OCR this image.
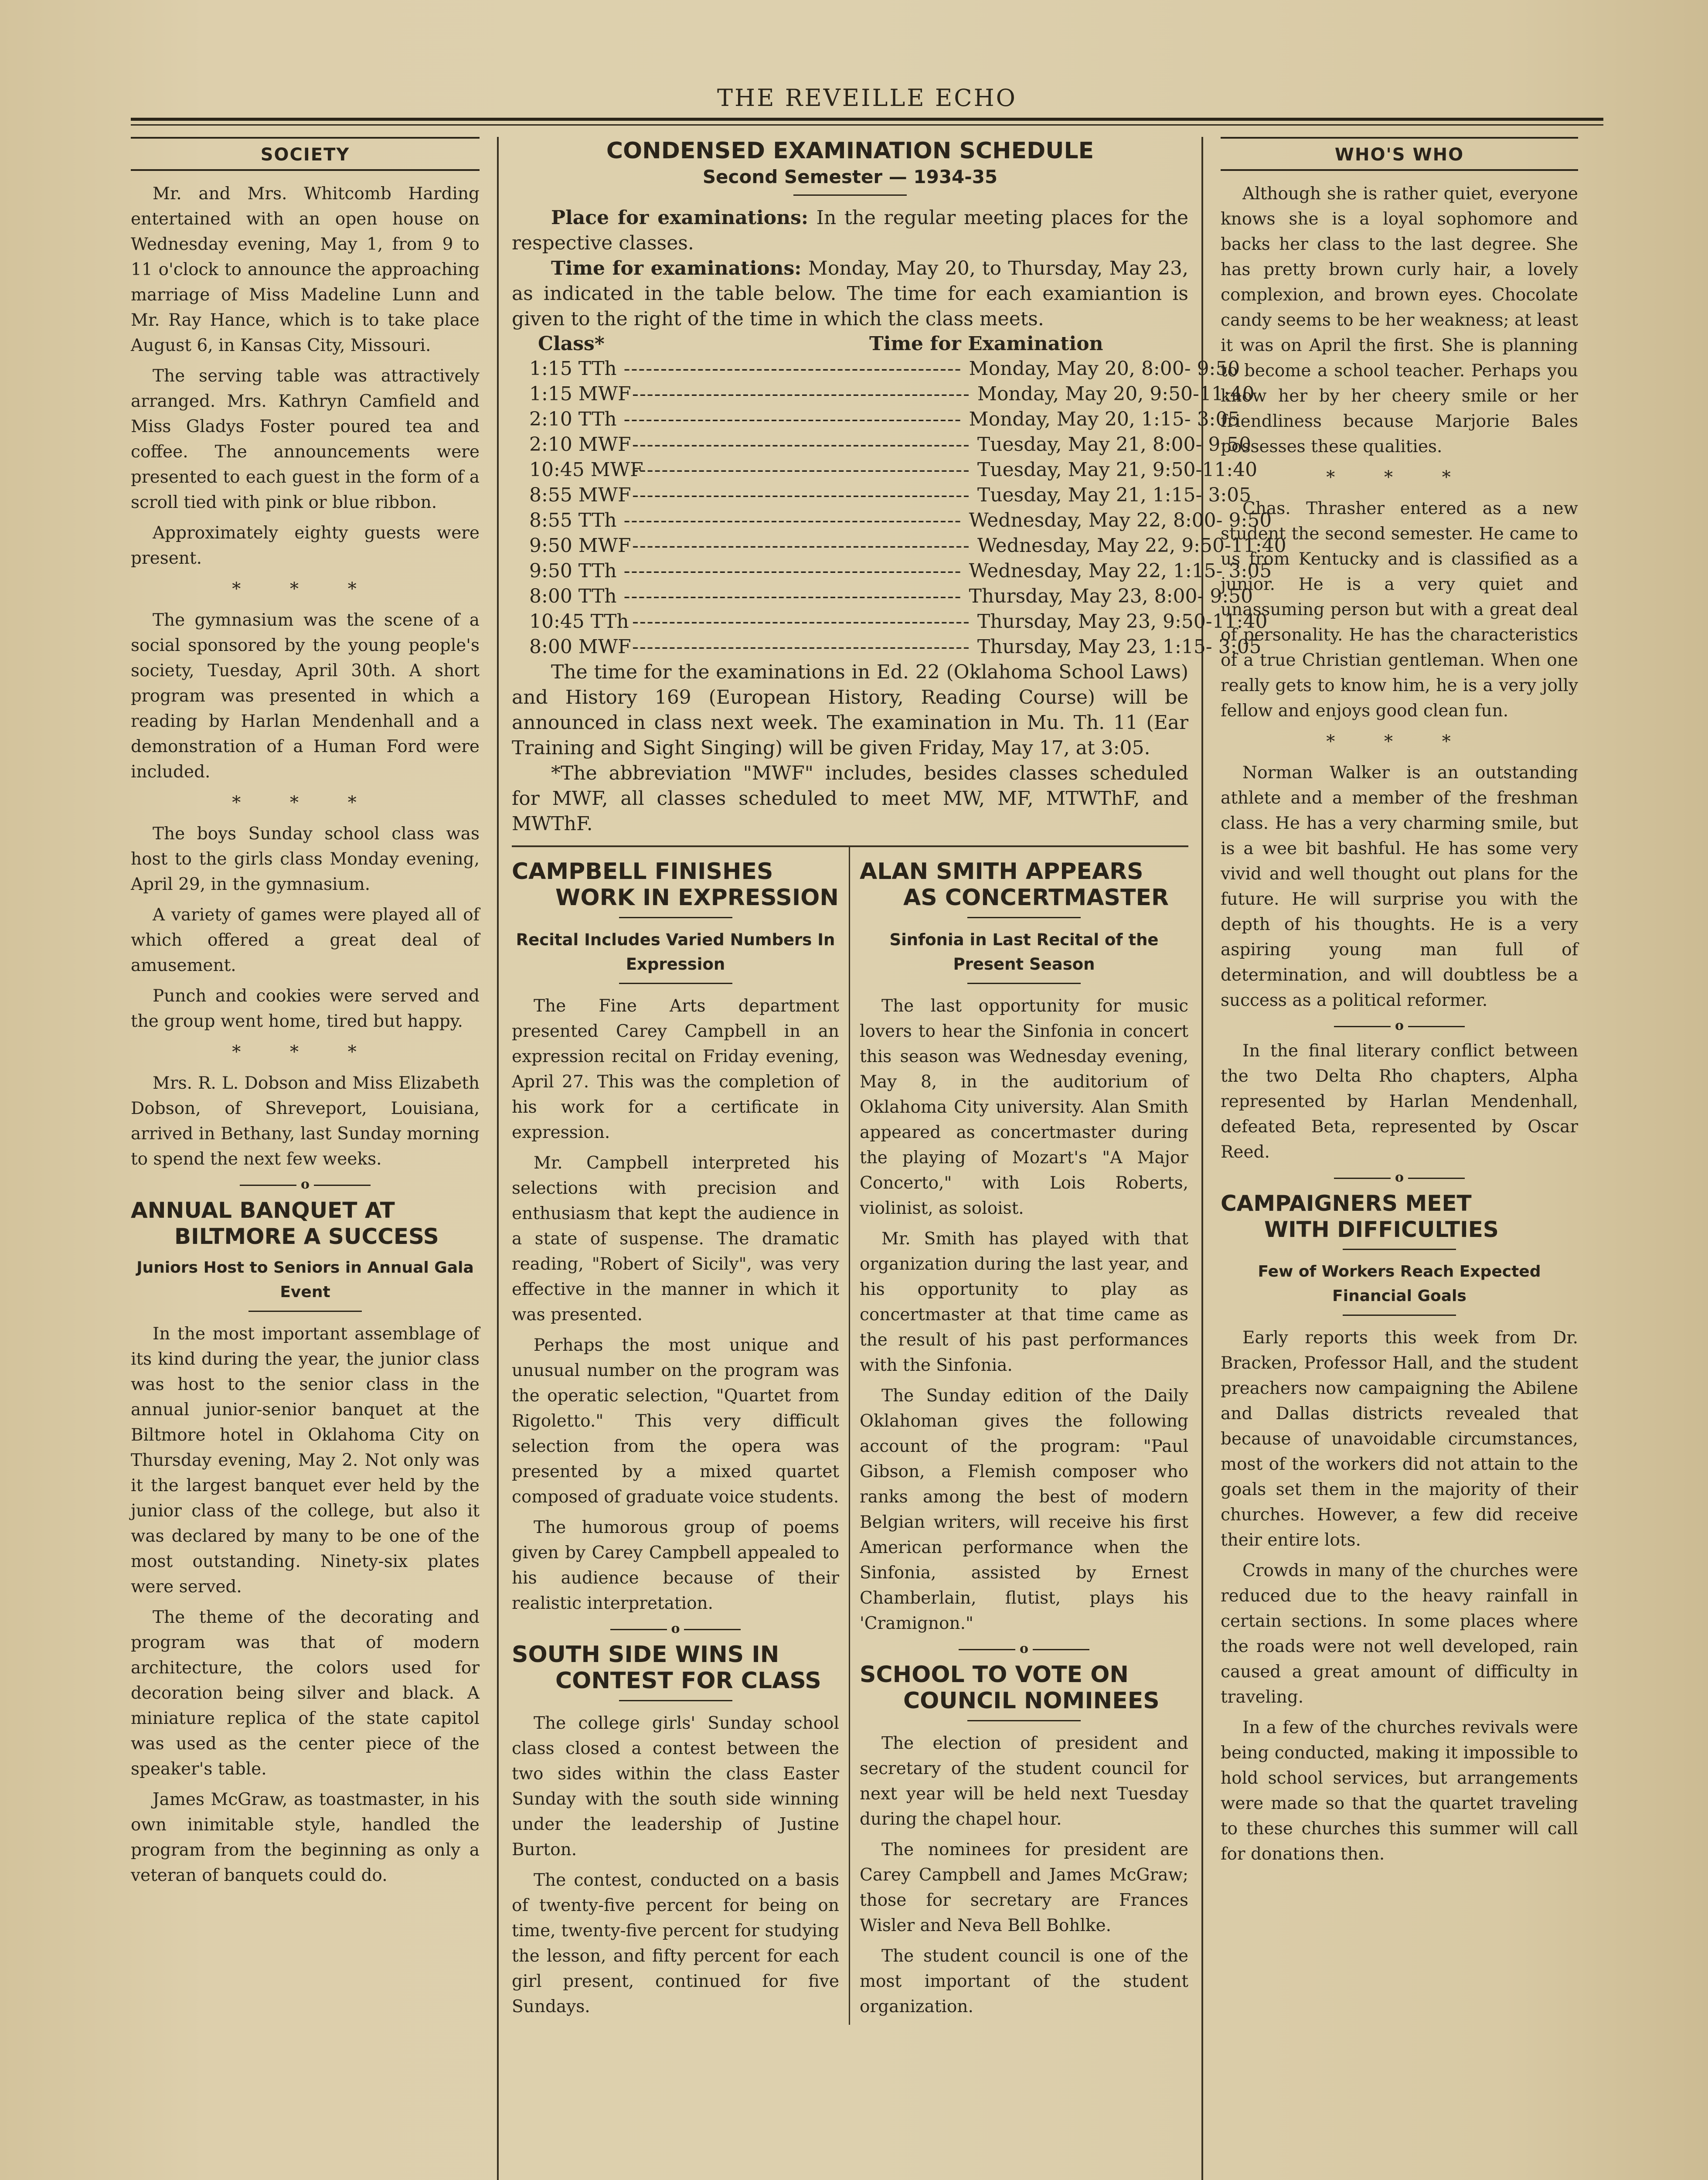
THE REVEILLE ECHO
SOCIETY

Mr. and Mrs. Whitcomb Harding entertained with an open house on Wednesday evening, May 1, from 9 to 11 o'clock to announce the approaching marriage of Miss Madeline Lunn and Mr. Ray Hance, which is to take place August 6, in Kansas City, Missouri.

The serving table was attractively arranged. Mrs. Kathryn Camfield and Miss Gladys Foster poured tea and coffee. The announcements were presented to each guest in the form of a scroll tied with pink or blue ribbon.

Approximately eighty guests were present.

* * *

The gymnasium was the scene of a social sponsored by the young people's society, Tuesday, April 30th. A short program was presented in which a reading by Harlan Mendenhall and a demonstration of a Human Ford were included.

* * *

The boys Sunday school class was host to the girls class Monday evening, April 29, in the gymnasium.

A variety of games were played all of which offered a great deal of amusement.

Punch and cookies were served and the group went home, tired but happy.

* * *

Mrs. R. L. Dobson and Miss Elizabeth Dobson, of Shreveport, Louisiana, arrived in Bethany, last Sunday morning to spend the next few weeks.

o
ANNUAL BANQUET AT
BILTMORE A SUCCESS
Juniors Host to Seniors in Annual Gala Event

In the most important assemblage of its kind during the year, the junior class was host to the senior class in the annual junior-senior banquet at the Biltmore hotel in Oklahoma City on Thursday evening, May 2. Not only was it the largest banquet ever held by the junior class of the college, but also it was declared by many to be one of the most outstanding. Ninety-six plates were served.

The theme of the decorating and program was that of modern architecture, the colors used for decoration being silver and black. A miniature replica of the state capitol was used as the center piece of the speaker's table.

James McGraw, as toastmaster, in his own inimitable style, handled the program from the beginning as only a veteran of banquets could do.

CONDENSED EXAMINATION SCHEDULE
Second Semester — 1934-35

Place for examinations: In the regular meeting places for the respective classes.

Time for examinations: Monday, May 20, to Thursday, May 23, as indicated in the table below. The time for each examiantion is given to the right of the time in which the class meets.

Class*	Time for Examination
1:15 TTh ---------------------------------------------- Monday, May 20, 8:00- 9:50
1:15 MWF ---------------------------------------------- Monday, May 20, 9:50-11:40
2:10 TTh ---------------------------------------------- Monday, May 20, 1:15- 3:05
2:10 MWF ---------------------------------------------- Tuesday, May 21, 8:00- 9:50
10:45 MWF
---------------------------------------------- Tuesday, May 21, 9:50-11:40
8:55 MWF ---------------------------------------------- Tuesday, May 21, 1:15- 3:05
8:55 TTh ---------------------------------------------- Wednesday, May 22, 8:00- 9:50
9:50 MWF ---------------------------------------------- Wednesday, May 22, 9:50-11:40
9:50 TTh ---------------------------------------------- Wednesday, May 22, 1:15- 3:05
8:00 TTh ---------------------------------------------- Thursday, May 23, 8:00- 9:50
10:45 TTh ---------------------------------------------- Thursday, May 23, 9:50-11:40
8:00 MWF ---------------------------------------------- Thursday, May 23, 1:15- 3:05

The time for the examinations in Ed. 22 (Oklahoma School Laws) and History 169 (European History, Reading Course) will be announced in class next week. The examination in Mu. Th. 11 (Ear Training and Sight Singing) will be given Friday, May 17, at 3:05.

*The abbreviation "MWF" includes, besides classes scheduled for MWF, all classes scheduled to meet MW, MF, MTWThF, and MWThF.

CAMPBELL FINISHES
WORK IN EXPRESSION
Recital Includes Varied Numbers In Expression

The Fine Arts department presented Carey Campbell in an expression recital on Friday evening, April 27. This was the completion of his work for a certificate in expression.

Mr. Campbell interpreted his selections with precision and enthusiasm that kept the audience in a state of suspense. The dramatic reading, "Robert of Sicily", was very effective in the manner in which it was presented.

Perhaps the most unique and unusual number on the program was the operatic selection, "Quartet from Rigoletto." This very difficult selection from the opera was presented by a mixed quartet composed of graduate voice students.

The humorous group of poems given by Carey Campbell appealed to his audience because of their realistic interpretation.

o
SOUTH SIDE WINS IN
CONTEST FOR CLASS

The college girls' Sunday school class closed a contest between the two sides within the class Easter Sunday with the south side winning under the leadership of Justine Burton.

The contest, conducted on a basis of twenty-five percent for being on time, twenty-five percent for studying the lesson, and fifty percent for each girl present, continued for five Sundays.

ALAN SMITH APPEARS
AS CONCERTMASTER
Sinfonia in Last Recital of the Present Season

The last opportunity for music lovers to hear the Sinfonia in concert this season was Wednesday evening, May 8, in the auditorium of Oklahoma City university. Alan Smith appeared as concertmaster during the playing of Mozart's "A Major Concerto," with Lois Roberts, violinist, as soloist.

Mr. Smith has played with that organization during the last year, and his opportunity to play as concertmaster at that time came as the result of his past performances with the Sinfonia.

The Sunday edition of the Daily Oklahoman gives the following account of the program: "Paul Gibson, a Flemish composer who ranks among the best of modern Belgian writers, will receive his first American performance when the Sinfonia, assisted by Ernest Chamberlain, flutist, plays his 'Cramignon."

o
SCHOOL TO VOTE ON
COUNCIL NOMINEES

The election of president and secretary of the student council for next year will be held next Tuesday during the chapel hour.

The nominees for president are Carey Campbell and James McGraw; those for secretary are Frances Wisler and Neva Bell Bohlke.

The student council is one of the most important of the student organization.

WHO'S WHO

Although she is rather quiet, everyone knows she is a loyal sophomore and backs her class to the last degree. She has pretty brown curly hair, a lovely complexion, and brown eyes. Chocolate candy seems to be her weakness; at least it was on April the first. She is planning to become a school teacher. Perhaps you know her by her cheery smile or her friendliness because Marjorie Bales possesses these qualities.

* * *

Chas. Thrasher entered as a new student the second semester. He came to us from Kentucky and is classified as a junior. He is a very quiet and unassuming person but with a great deal of personality. He has the characteristics of a true Christian gentleman. When one really gets to know him, he is a very jolly fellow and enjoys good clean fun.

* * *

Norman Walker is an outstanding athlete and a member of the freshman class. He has a very charming smile, but is a wee bit bashful. He has some very vivid and well thought out plans for the future. He will surprise you with the depth of his thoughts. He is a very aspiring young man full of determination, and will doubtless be a success as a political reformer.

o

In the final literary conflict between the two Delta Rho chapters, Alpha represented by Harlan Mendenhall, defeated Beta, represented by Oscar Reed.

o
CAMPAIGNERS MEET
WITH DIFFICULTIES
Few of Workers Reach Expected Financial Goals

Early reports this week from Dr. Bracken, Professor Hall, and the student preachers now campaigning the Abilene and Dallas districts revealed that because of unavoidable circumstances, most of the workers did not attain to the goals set them in the majority of their churches. However, a few did receive their entire lots.

Crowds in many of the churches were reduced due to the heavy rainfall in certain sections. In some places where the roads were not well developed, rain caused a great amount of difficulty in traveling.

In a few of the churches revivals were being conducted, making it impossible to hold school services, but arrangements were made so that the quartet traveling to these churches this summer will call for donations then.
